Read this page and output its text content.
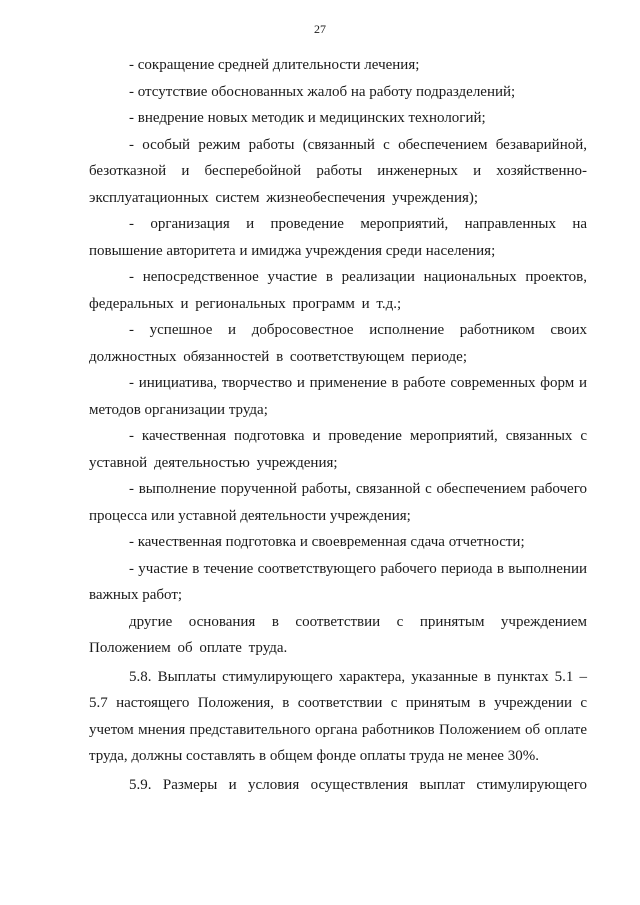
27

- сокращение средней длительности лечения;

- отсутствие обоснованных жалоб на работу подразделений;

- внедрение новых методик и медицинских технологий;

- особый режим работы (связанный с обеспечением безаварийной, безотказной и бесперебойной работы инженерных и хозяйственно-эксплуатационных систем жизнеобеспечения учреждения);

- организация и проведение мероприятий, направленных на повышение авторитета и имиджа учреждения среди населения;

- непосредственное участие в реализации национальных проектов, федеральных и региональных программ и т.д.;

- успешное и добросовестное исполнение работником своих должностных обязанностей в соответствующем периоде;

- инициатива, творчество и применение в работе современных форм и методов организации труда;

- качественная подготовка и проведение мероприятий, связанных с уставной деятельностью учреждения;

- выполнение порученной работы, связанной с обеспечением рабочего процесса или уставной деятельности учреждения;

- качественная подготовка и своевременная сдача отчетности;

- участие в течение соответствующего рабочего периода в выполнении важных работ;

другие основания в соответствии с принятым учреждением Положением об оплате труда.

5.8. Выплаты стимулирующего характера, указанные в пунктах 5.1 – 5.7 настоящего Положения, в соответствии с принятым в учреждении с учетом мнения представительного органа работников Положением об оплате труда, должны составлять в общем фонде оплаты труда не менее 30%.

5.9. Размеры и условия осуществления выплат стимулирующего
